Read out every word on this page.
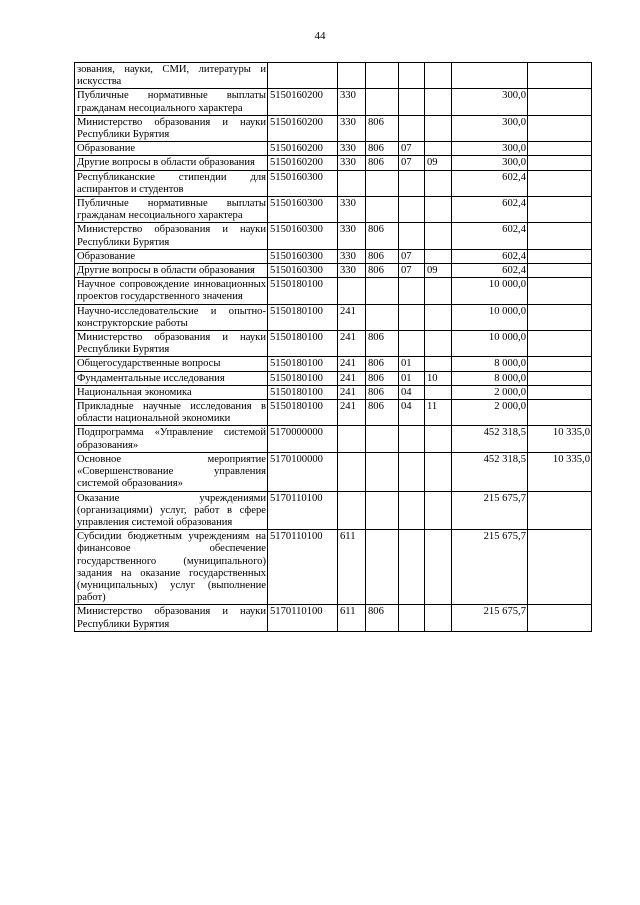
44
зования, науки, СМИ, литературы и искусства							
Публичные нормативные выплаты гражданам несоциального характера	5150160200	330				300,0	
Министерство образования и науки Республики Бурятия	5150160200	330	806			300,0	
Образование	5150160200	330	806	07		300,0	
Другие вопросы в области образования	5150160200	330	806	07	09	300,0	
Республиканские стипендии для аспирантов и студентов	5150160300					602,4	
Публичные нормативные выплаты гражданам несоциального характера	5150160300	330				602,4	
Министерство образования и науки Республики Бурятия	5150160300	330	806			602,4	
Образование	5150160300	330	806	07		602,4	
Другие вопросы в области образования	5150160300	330	806	07	09	602,4	
Научное сопровождение инновационных проектов государственного значения	5150180100					10 000,0	
Научно-исследовательские и опытно-конструкторские работы	5150180100	241				10 000,0	
Министерство образования и науки Республики Бурятия	5150180100	241	806			10 000,0	
Общегосударственные вопросы	5150180100	241	806	01		8 000,0	
Фундаментальные исследования	5150180100	241	806	01	10	8 000,0	
Национальная экономика	5150180100	241	806	04		2 000,0	
Прикладные научные исследования в области национальной экономики	5150180100	241	806	04	11	2 000,0	
Подпрограмма «Управление системой образования»	5170000000					452 318,5	10 335,0
Основное мероприятие «Совершенствование управления системой образования»	5170100000					452 318,5	10 335,0
Оказание учреждениями (организациями) услуг, работ в сфере управления системой образования	5170110100					215 675,7	
Субсидии бюджетным учреждениям на финансовое обеспечение государственного (муниципального) задания на оказание государственных (муниципальных) услуг (выполнение работ)	5170110100	611				215 675,7	
Министерство образования и науки Республики Бурятия	5170110100	611	806			215 675,7	
